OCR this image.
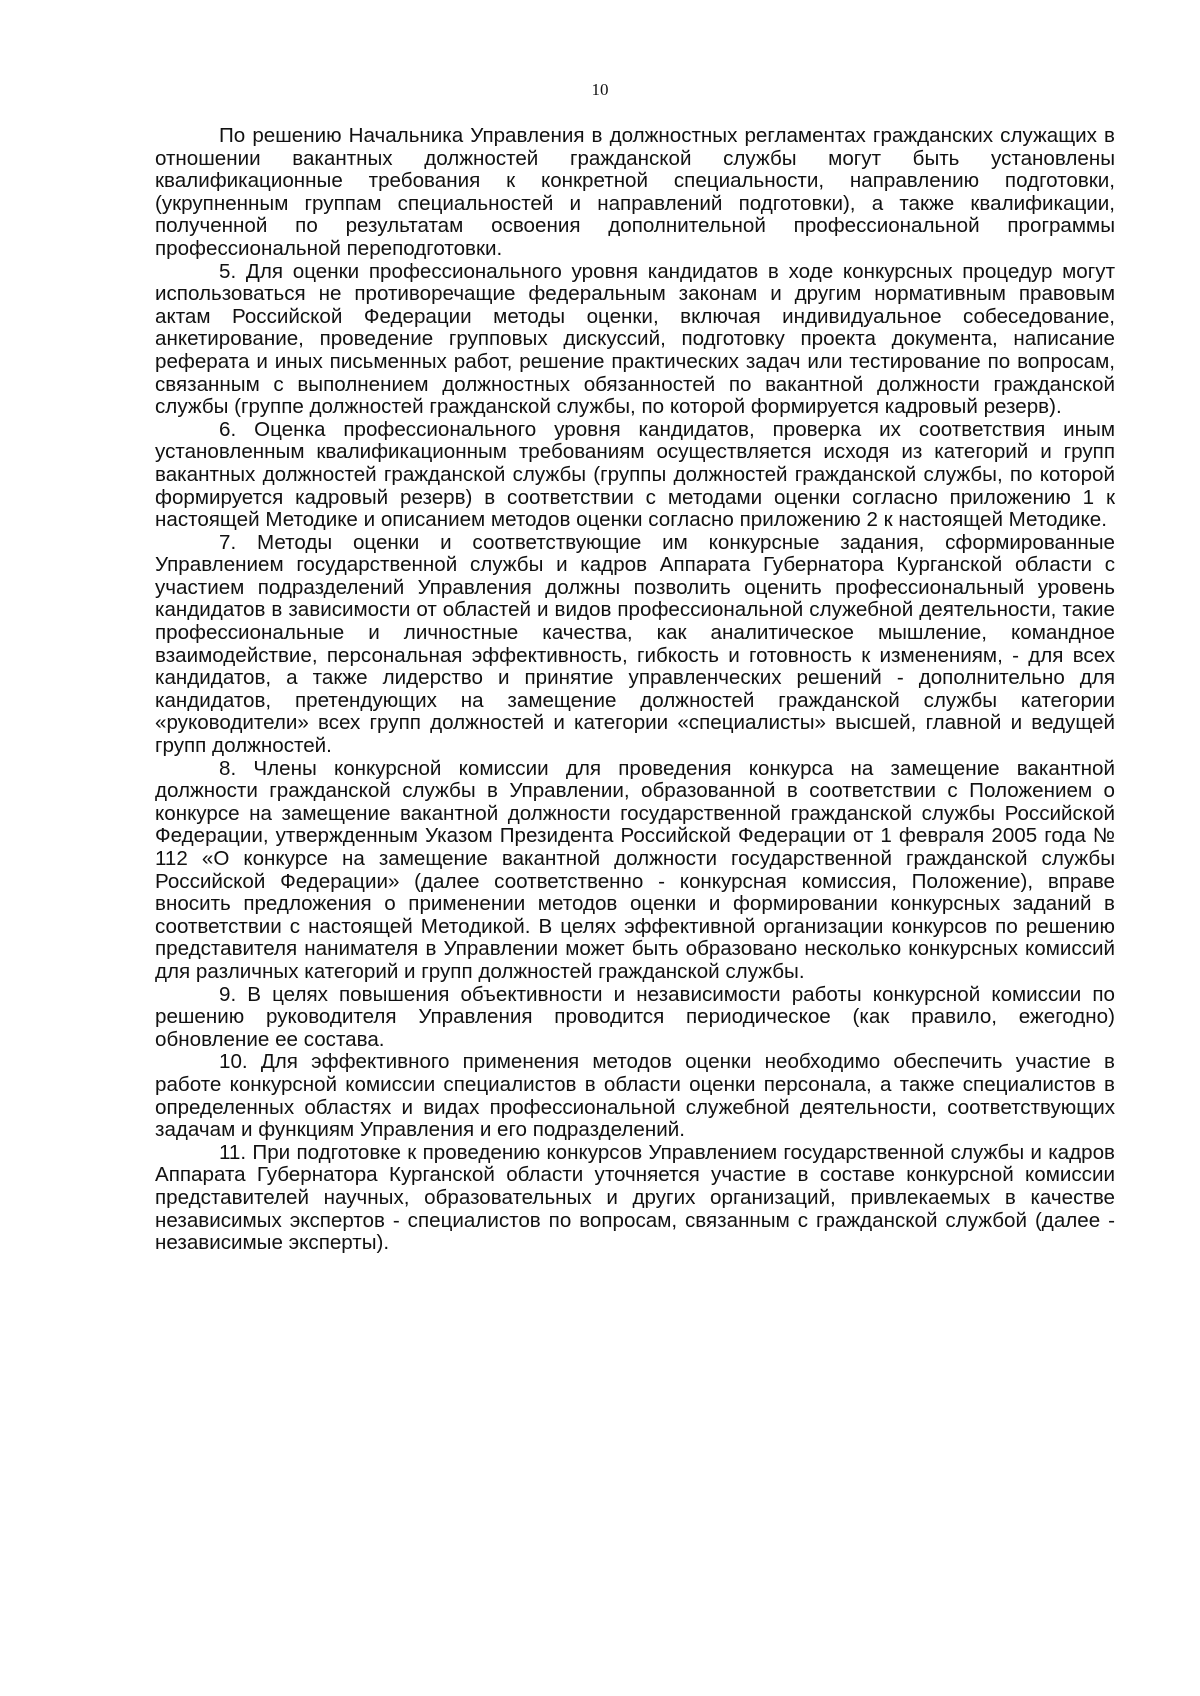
10

По решению Начальника Управления в должностных регламентах гражданских служащих в отношении вакантных должностей гражданской службы могут быть установлены квалификационные требования к конкретной специальности, направлению подготовки, (укрупненным группам специальностей и направлений подготовки), а также квалификации, полученной по результатам освоения дополнительной профессиональной программы профессиональной переподготовки.

5. Для оценки профессионального уровня кандидатов в ходе конкурсных процедур могут использоваться не противоречащие федеральным законам и другим нормативным правовым актам Российской Федерации методы оценки, включая индивидуальное собеседование, анкетирование, проведение групповых дискуссий, подготовку проекта документа, написание реферата и иных письменных работ, решение практических задач или тестирование по вопросам, связанным с выполнением должностных обязанностей по вакантной должности гражданской службы (группе должностей гражданской службы, по которой формируется кадровый резерв).

6. Оценка профессионального уровня кандидатов, проверка их соответствия иным установленным квалификационным требованиям осуществляется исходя из категорий и групп вакантных должностей гражданской службы (группы должностей гражданской службы, по которой формируется кадровый резерв) в соответствии с методами оценки согласно приложению 1 к настоящей Методике и описанием методов оценки согласно приложению 2 к настоящей Методике.

7. Методы оценки и соответствующие им конкурсные задания, сформированные Управлением государственной службы и кадров Аппарата Губернатора Курганской области с участием подразделений Управления должны позволить оценить профессиональный уровень кандидатов в зависимости от областей и видов профессиональной служебной деятельности, такие профессиональные и личностные качества, как аналитическое мышление, командное взаимодействие, персональная эффективность, гибкость и готовность к изменениям, - для всех кандидатов, а также лидерство и принятие управленческих решений - дополнительно для кандидатов, претендующих на замещение должностей гражданской службы категории «руководители» всех групп должностей и категории «специалисты» высшей, главной и ведущей групп должностей.

8. Члены конкурсной комиссии для проведения конкурса на замещение вакантной должности гражданской службы в Управлении, образованной в соответствии с Положением о конкурсе на замещение вакантной должности государственной гражданской службы Российской Федерации, утвержденным Указом Президента Российской Федерации от 1 февраля 2005 года № 112 «О конкурсе на замещение вакантной должности государственной гражданской службы Российской Федерации» (далее соответственно - конкурсная комиссия, Положение), вправе вносить предложения о применении методов оценки и формировании конкурсных заданий в соответствии с настоящей Методикой. В целях эффективной организации конкурсов по решению представителя нанимателя в Управлении может быть образовано несколько конкурсных комиссий для различных категорий и групп должностей гражданской службы.

9. В целях повышения объективности и независимости работы конкурсной комиссии по решению руководителя Управления проводится периодическое (как правило, ежегодно) обновление ее состава.

10. Для эффективного применения методов оценки необходимо обеспечить участие в работе конкурсной комиссии специалистов в области оценки персонала, а также специалистов в определенных областях и видах профессиональной служебной деятельности, соответствующих задачам и функциям Управления и его подразделений.

11. При подготовке к проведению конкурсов Управлением государственной службы и кадров Аппарата Губернатора Курганской области уточняется участие в составе конкурсной комиссии представителей научных, образовательных и других организаций, привлекаемых в качестве независимых экспертов - специалистов по вопросам, связанным с гражданской службой (далее - независимые эксперты).
